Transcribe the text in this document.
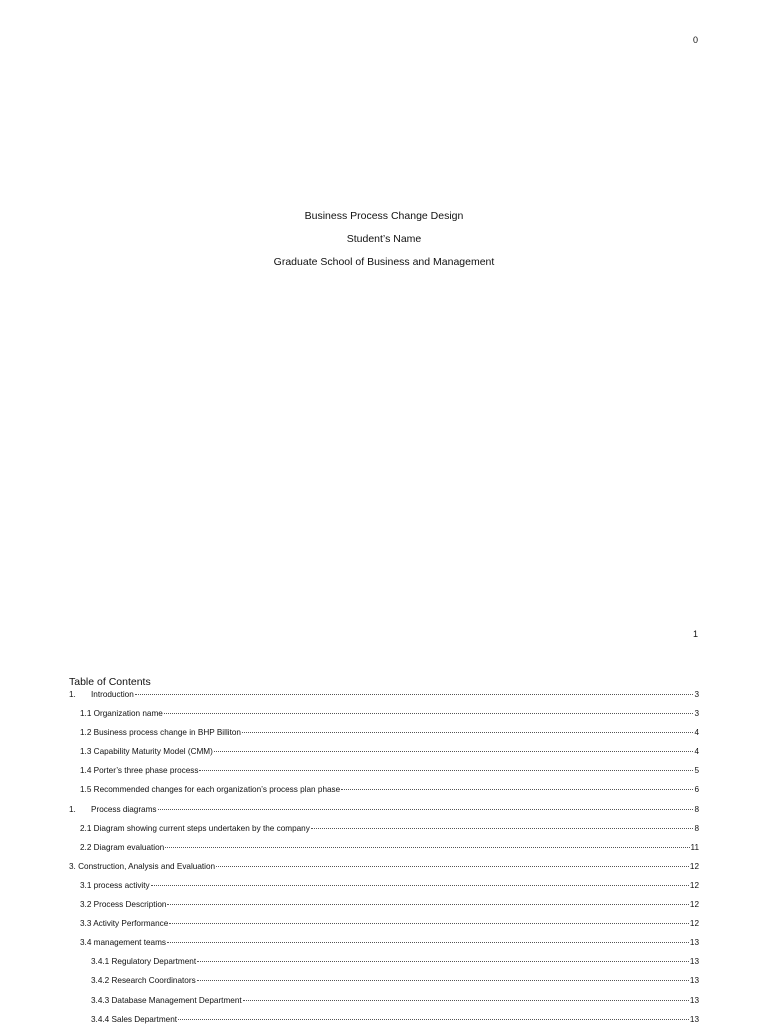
0
Business Process Change Design
Student’s Name
Graduate School of Business and Management
1
Table of Contents
1. Introduction	3
1.1 Organization name	3
1.2 Business process change in BHP Billiton	4
1.3 Capability Maturity Model (CMM)	4
1.4 Porter’s three phase process	5
1.5 Recommended changes for each organization’s process plan phase	6
1. Process diagrams	8
2.1 Diagram showing current steps undertaken by the company	8
2.2 Diagram evaluation	11
3. Construction, Analysis and Evaluation	12
3.1 process activity	12
3.2 Process Description	12
3.3 Activity Performance	12
3.4 management teams	13
3.4.1 Regulatory Department	13
3.4.2 Research Coordinators	13
3.4.3 Database Management Department	13
3.4.4 Sales Department	13
